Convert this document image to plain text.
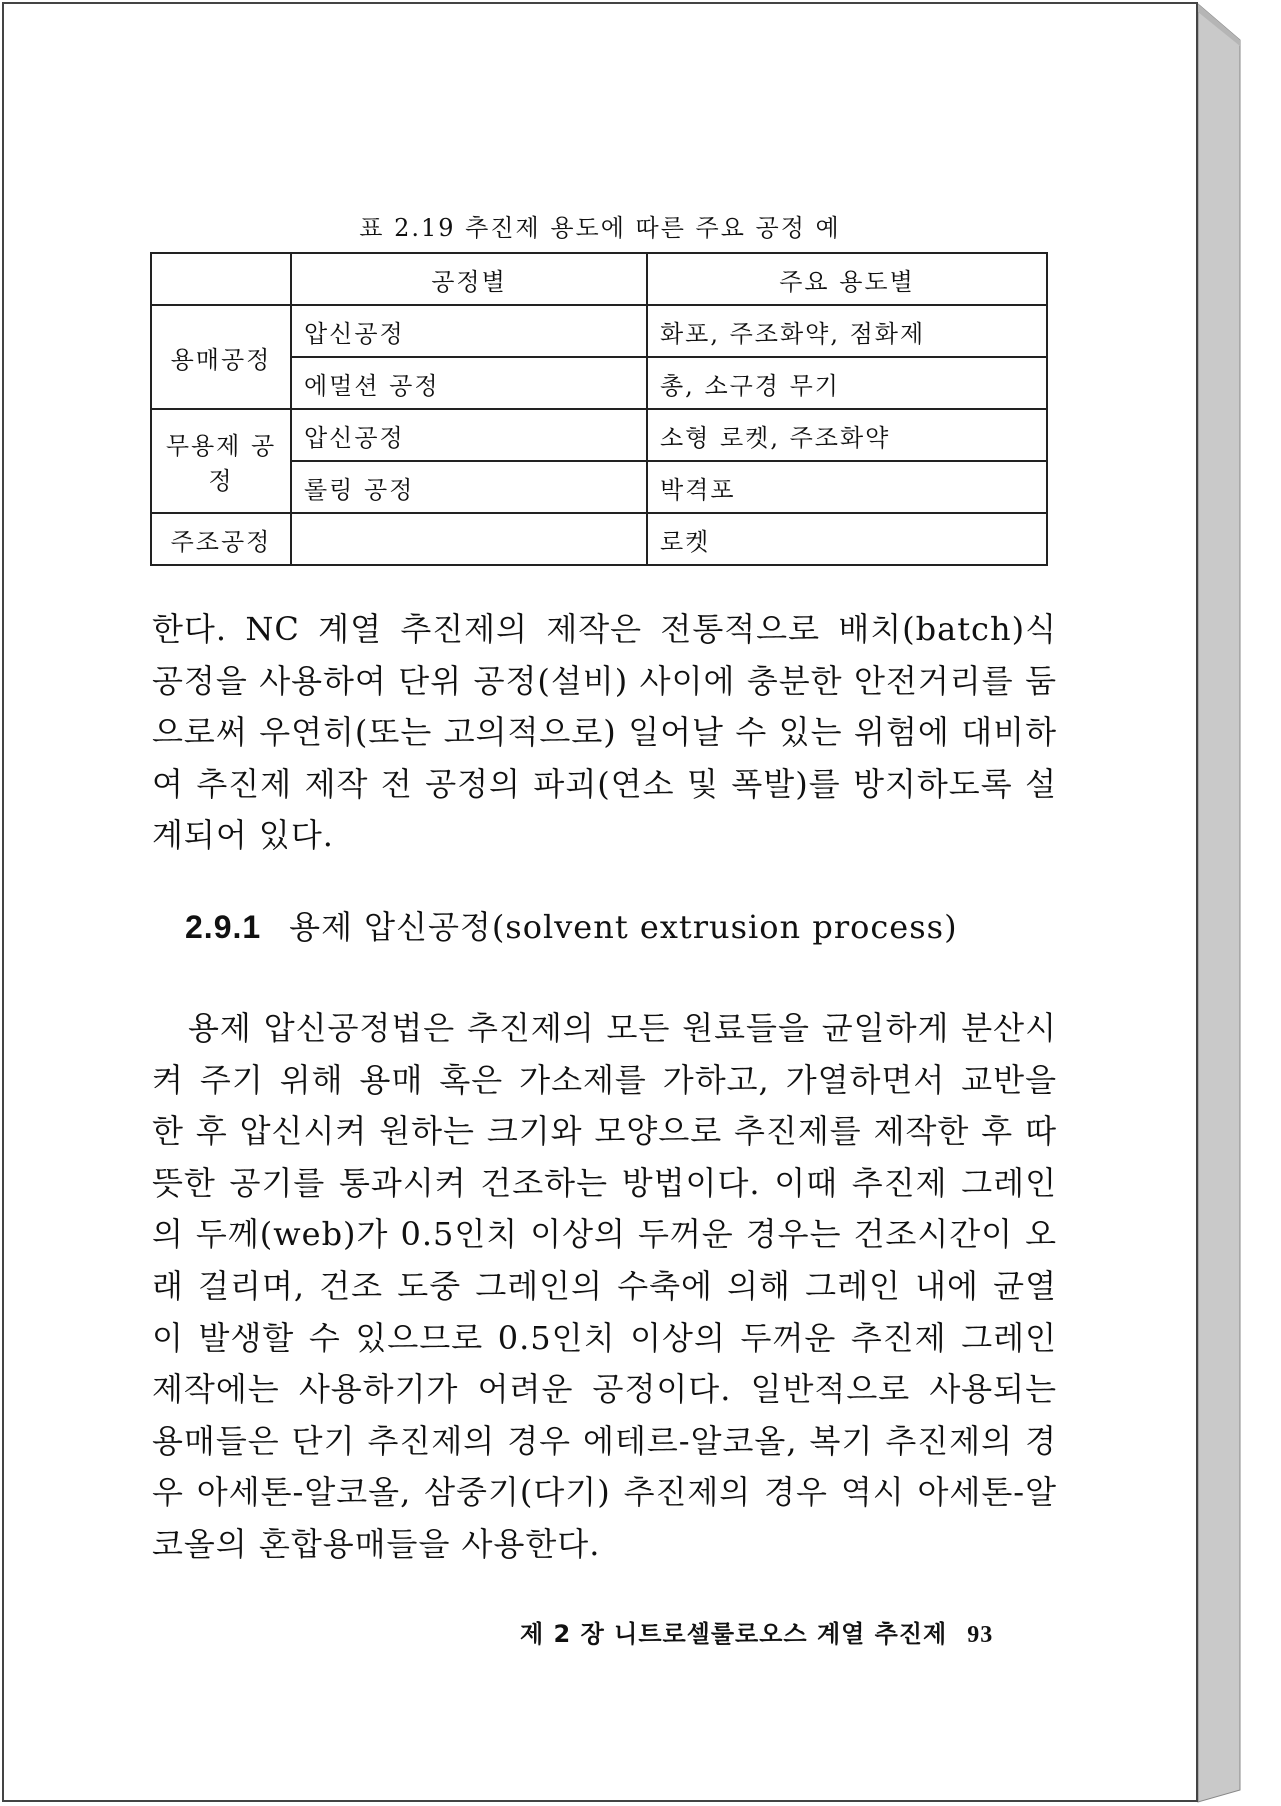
표 2.19 추진제 용도에 따른 주요 공정 예
	공정별	주요 용도별
용매공정	압신공정	화포, 주조화약, 점화제
	에멀션 공정	총, 소구경 무기
무용제 공정	압신공정	소형 로켓, 주조화약
	롤링 공정	박격포
주조공정		로켓
한다. NC 계열 추진제의 제작은 전통적으로 배치(batch)식 공정을 사용하여 단위 공정(설비) 사이에 충분한 안전거리를 둠으로써 우연히(또는 고의적으로) 일어날 수 있는 위험에 대비하여 추진제 제작 전 공정의 파괴(연소 및 폭발)를 방지하도록 설계되어 있다.
2.9.1 용제 압신공정(solvent extrusion process)
용제 압신공정법은 추진제의 모든 원료들을 균일하게 분산시켜 주기 위해 용매 혹은 가소제를 가하고, 가열하면서 교반을 한 후 압신시켜 원하는 크기와 모양으로 추진제를 제작한 후 따뜻한 공기를 통과시켜 건조하는 방법이다. 이때 추진제 그레인의 두께(web)가 0.5인치 이상의 두꺼운 경우는 건조시간이 오래 걸리며, 건조 도중 그레인의 수축에 의해 그레인 내에 균열이 발생할 수 있으므로 0.5인치 이상의 두꺼운 추진제 그레인 제작에는 사용하기가 어려운 공정이다. 일반적으로 사용되는 용매들은 단기 추진제의 경우 에테르-알코올, 복기 추진제의 경우 아세톤-알코올, 삼중기(다기) 추진제의 경우 역시 아세톤-알코올의 혼합용매들을 사용한다.
제 2 장 니트로셀룰로오스 계열 추진제 93
